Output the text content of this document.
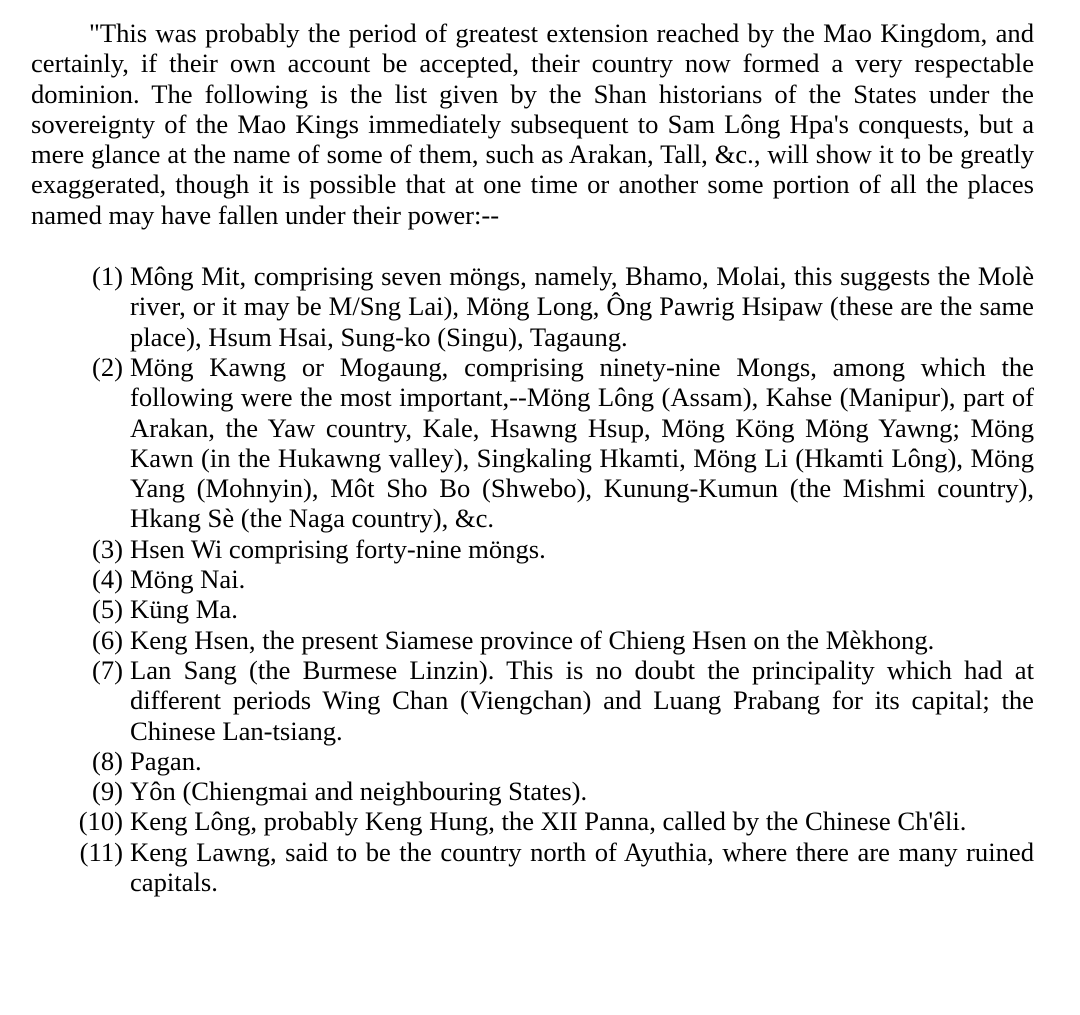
"This was probably the period of greatest extension reached by the Mao Kingdom, and certainly, if their own account be accepted, their country now formed a very respectable dominion. The following is the list given by the Shan historians of the States under the sovereignty of the Mao Kings immediately subsequent to Sam Lông Hpa's conquests, but a mere glance at the name of some of them, such as Arakan, Tall, &c., will show it to be greatly exaggerated, though it is possible that at one time or another some portion of all the places named may have fallen under their power:--

(1) Mông Mit, comprising seven möngs, namely, Bhamo, Molai, this suggests the Molè river, or it may be M/Sng Lai), Möng Long, Ông Pawrig Hsipaw (these are the same place), Hsum Hsai, Sung-ko (Singu), Tagaung.
(2) Möng Kawng or Mogaung, comprising ninety-nine Mongs, among which the following were the most important,--Möng Lông (Assam), Kahse (Manipur), part of Arakan, the Yaw country, Kale, Hsawng Hsup, Möng Köng Möng Yawng; Möng Kawn (in the Hukawng valley), Singkaling Hkamti, Möng Li (Hkamti Lông), Möng Yang (Mohnyin), Môt Sho Bo (Shwebo), Kunung-Kumun (the Mishmi country), Hkang Sè (the Naga country), &c.
(3) Hsen Wi comprising forty-nine möngs.
(4) Möng Nai.
(5) Küng Ma.
(6) Keng Hsen, the present Siamese province of Chieng Hsen on the Mèkhong.
(7) Lan Sang (the Burmese Linzin). This is no doubt the principality which had at different periods Wing Chan (Viengchan) and Luang Prabang for its capital; the Chinese Lan-tsiang.
(8) Pagan.
(9) Yôn (Chiengmai and neighbouring States).
(10) Keng Lông, probably Keng Hung, the XII Panna, called by the Chinese Ch'êli.
(11) Keng Lawng, said to be the country north of Ayuthia, where there are many ruined capitals.
